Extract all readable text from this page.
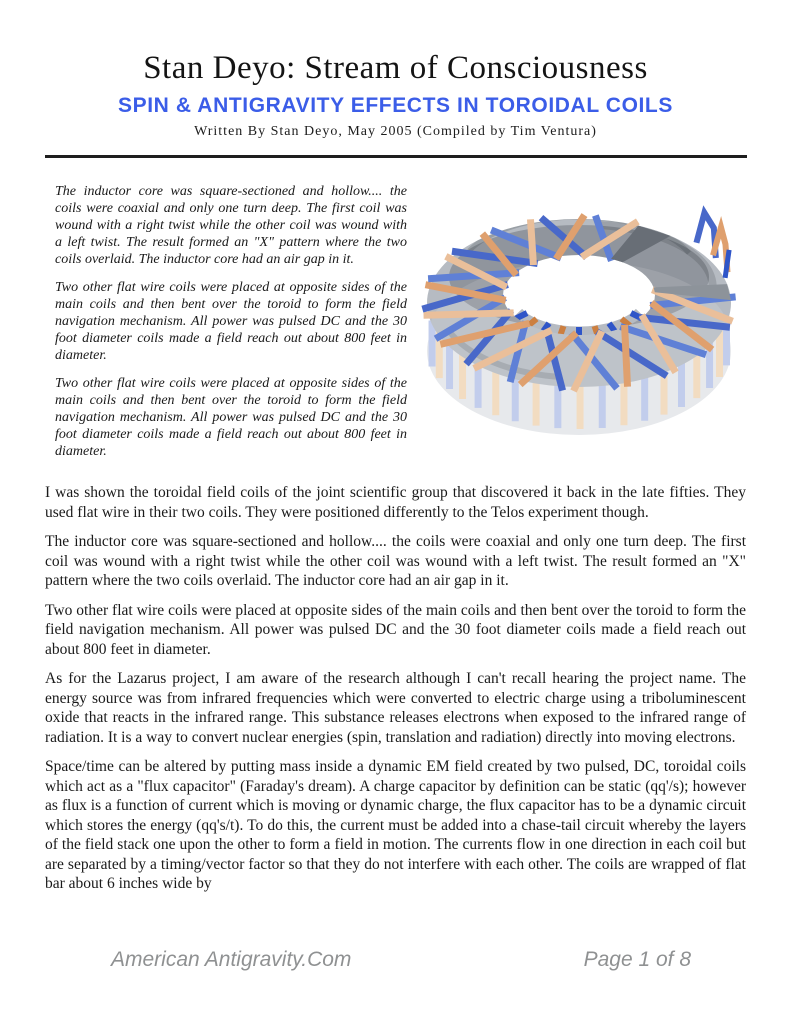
Stan Deyo: Stream of Consciousness
SPIN & ANTIGRAVITY EFFECTS IN TOROIDAL COILS
Written By Stan Deyo, May 2005 (Compiled by Tim Ventura)

The inductor core was square-sectioned and hollow.... the coils were coaxial and only one turn deep. The first coil was wound with a right twist while the other coil was wound with a left twist. The result formed an "X" pattern where the two coils overlaid. The inductor core had an air gap in it.

Two other flat wire coils were placed at opposite sides of the main coils and then bent over the toroid to form the field navigation mechanism. All power was pulsed DC and the 30 foot diameter coils made a field reach out about 800 feet in diameter.

Two other flat wire coils were placed at opposite sides of the main coils and then bent over the toroid to form the field navigation mechanism. All power was pulsed DC and the 30 foot diameter coils made a field reach out about 800 feet in diameter.

I was shown the toroidal field coils of the joint scientific group that discovered it back in the late fifties. They used flat wire in their two coils. They were positioned differently to the Telos experiment though.

The inductor core was square-sectioned and hollow.... the coils were coaxial and only one turn deep. The first coil was wound with a right twist while the other coil was wound with a left twist. The result formed an "X" pattern where the two coils overlaid. The inductor core had an air gap in it.

Two other flat wire coils were placed at opposite sides of the main coils and then bent over the toroid to form the field navigation mechanism. All power was pulsed DC and the 30 foot diameter coils made a field reach out about 800 feet in diameter.

As for the Lazarus project, I am aware of the research although I can't recall hearing the project name. The energy source was from infrared frequencies which were converted to electric charge using a triboluminescent oxide that reacts in the infrared range. This substance releases electrons when exposed to the infrared range of radiation. It is a way to convert nuclear energies (spin, translation and radiation) directly into moving electrons.

Space/time can be altered by putting mass inside a dynamic EM field created by two pulsed, DC, toroidal coils which act as a "flux capacitor" (Faraday's dream). A charge capacitor by definition can be static (qq'/s); however as flux is a function of current which is moving or dynamic charge, the flux capacitor has to be a dynamic circuit which stores the energy (qq's/t). To do this, the current must be added into a chase-tail circuit whereby the layers of the field stack one upon the other to form a field in motion. The currents flow in one direction in each coil but are separated by a timing/vector factor so that they do not interfere with each other. The coils are wrapped of flat bar about 6 inches wide by

American Antigravity.Com	Page 1 of 8
